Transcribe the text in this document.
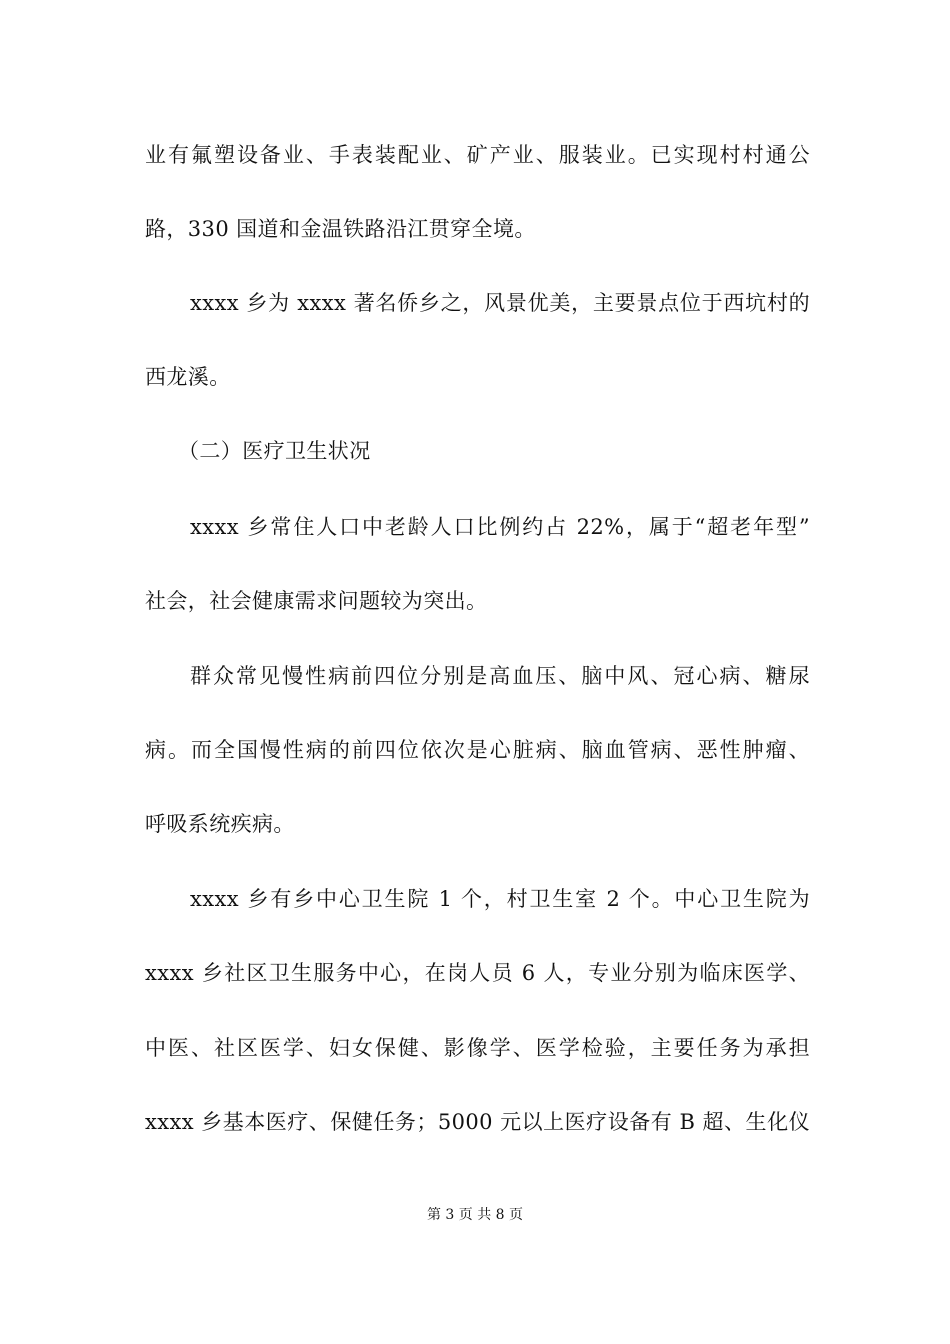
业有氟塑设备业、手表装配业、矿产业、服装业。已实现村村通公
路，330 国道和金温铁路沿江贯穿全境。
xxxx 乡为 xxxx 著名侨乡之，风景优美，主要景点位于西坑村的
西龙溪。
（二）医疗卫生状况
xxxx 乡常住人口中老龄人口比例约占 22%，属于“超老年型”
社会，社会健康需求问题较为突出。
群众常见慢性病前四位分别是高血压、脑中风、冠心病、糖尿
病。而全国慢性病的前四位依次是心脏病、脑血管病、恶性肿瘤、
呼吸系统疾病。
xxxx 乡有乡中心卫生院 1 个，村卫生室 2 个。中心卫生院为
xxxx 乡社区卫生服务中心，在岗人员 6 人，专业分别为临床医学、
中医、社区医学、妇女保健、影像学、医学检验，主要任务为承担
xxxx 乡基本医疗、保健任务；5000 元以上医疗设备有 B 超、生化仪
第 3 页 共 8 页
